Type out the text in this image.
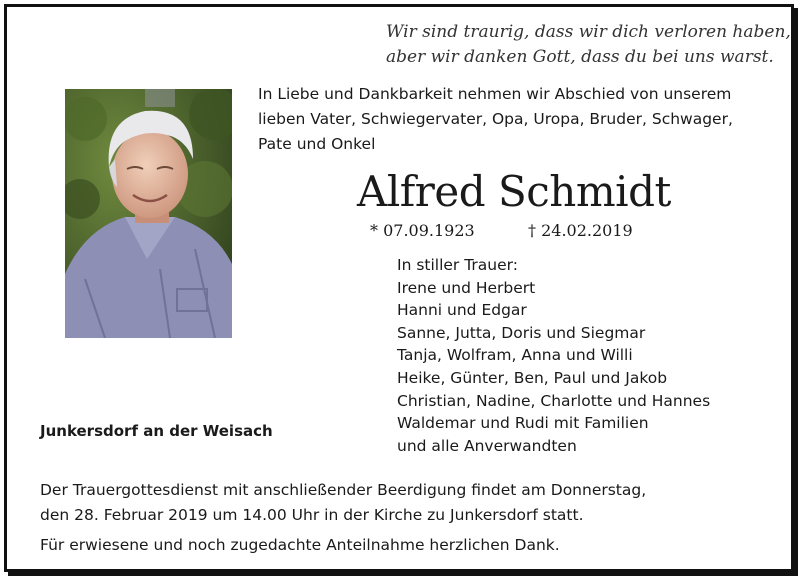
Wir sind traurig, dass wir dich verloren haben,
aber wir danken Gott, dass du bei uns warst.
In Liebe und Dankbarkeit nehmen wir Abschied von unserem
lieben Vater, Schwiegervater, Opa, Uropa, Bruder, Schwager,
Pate und Onkel
Alfred Schmidt
* 07.09.1923	† 24.02.2019
In stiller Trauer:
Irene und Herbert
Hanni und Edgar
Sanne, Jutta, Doris und Siegmar
Tanja, Wolfram, Anna und Willi
Heike, Günter, Ben, Paul und Jakob
Christian, Nadine, Charlotte und Hannes
Waldemar und Rudi mit Familien
und alle Anverwandten
Junkersdorf an der Weisach
Der Trauergottesdienst mit anschließender Beerdigung findet am Donnerstag,
den 28. Februar 2019 um 14.00 Uhr in der Kirche zu Junkersdorf statt.
Für erwiesene und noch zugedachte Anteilnahme herzlichen Dank.
